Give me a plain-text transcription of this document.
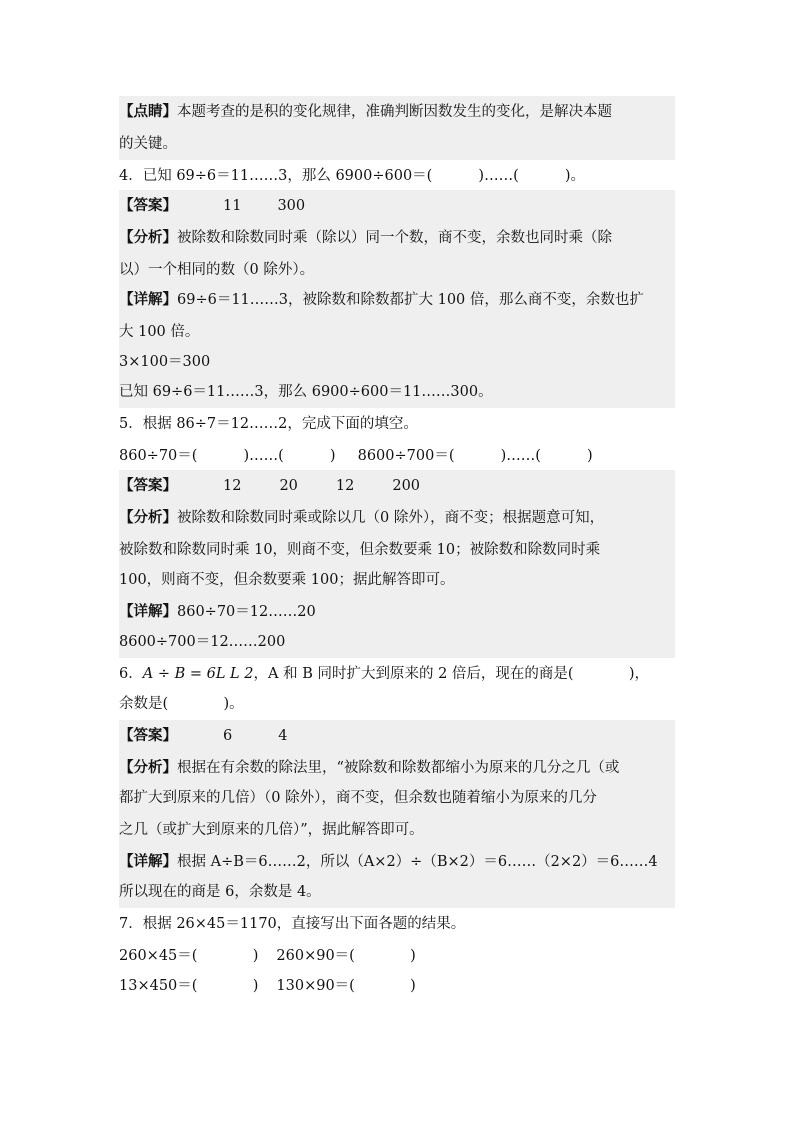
【点睛】本题考查的是积的变化规律，准确判断因数发生的变化，是解决本题
的关键。
4．已知 69÷6＝11……3，那么 6900÷600＝(          )……(          )。
【答案】	11 300
【分析】被除数和除数同时乘（除以）同一个数，商不变，余数也同时乘（除
以）一个相同的数（0 除外）。
【详解】69÷6＝11……3，被除数和除数都扩大 100 倍，那么商不变，余数也扩
大 100 倍。
3×100＝300
已知 69÷6＝11……3，那么 6900÷600＝11……300。
5．根据 86÷7＝12……2，完成下面的填空。
860÷70＝(          )……(          ) 8600÷700＝(          )……(          )
【答案】	12	20	12	200
【分析】被除数和除数同时乘或除以几（0 除外），商不变；根据题意可知，
被除数和除数同时乘 10，则商不变，但余数要乘 10；被除数和除数同时乘
100，则商不变，但余数要乘 100；据此解答即可。
【详解】860÷70＝12……20
8600÷700＝12……200
6．A ÷ B = 6L L 2，A 和 B 同时扩大到原来的 2 倍后，现在的商是(            )，
余数是(            )。
【答案】	6	4
【分析】根据在有余数的除法里，“被除数和除数都缩小为原来的几分之几（或
都扩大到原来的几倍）（0 除外），商不变，但余数也随着缩小为原来的几分
之几（或扩大到原来的几倍）”，据此解答即可。
【详解】根据 A÷B＝6……2，所以（A×2）÷（B×2）＝6……（2×2）＝6……4
所以现在的商是 6，余数是 4。
7．根据 26×45＝1170，直接写出下面各题的结果。
260×45＝(            ) 260×90＝(            )
13×450＝(            ) 130×90＝(            )
